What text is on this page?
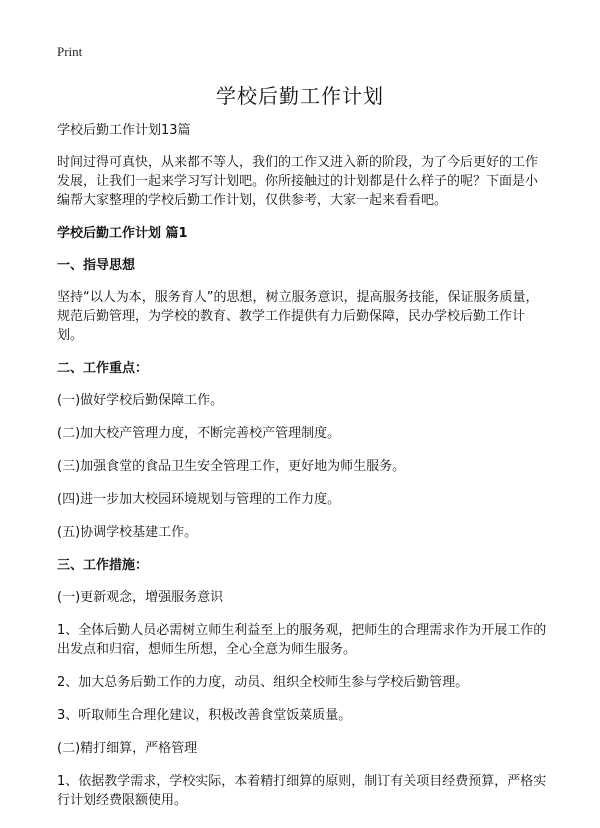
Print
学校后勤工作计划

学校后勤工作计划13篇

时间过得可真快，从来都不等人，我们的工作又进入新的阶段，为了今后更好的工作发展，让我们一起来学习写计划吧。你所接触过的计划都是什么样子的呢？下面是小编帮大家整理的学校后勤工作计划，仅供参考，大家一起来看看吧。

学校后勤工作计划 篇1

一、指导思想

坚持“以人为本，服务育人”的思想，树立服务意识，提高服务技能，保证服务质量，规范后勤管理，为学校的教育、教学工作提供有力后勤保障，民办学校后勤工作计划。

二、工作重点：

(一)做好学校后勤保障工作。

(二)加大校产管理力度，不断完善校产管理制度。

(三)加强食堂的食品卫生安全管理工作，更好地为师生服务。

(四)进一步加大校园环境规划与管理的工作力度。

(五)协调学校基建工作。

三、工作措施：

(一)更新观念，增强服务意识

1、全体后勤人员必需树立师生利益至上的服务观，把师生的合理需求作为开展工作的出发点和归宿，想师生所想，全心全意为师生服务。

2、加大总务后勤工作的力度，动员、组织全校师生参与学校后勤管理。

3、听取师生合理化建议，积极改善食堂饭菜质量。

(二)精打细算，严格管理

1、依据教学需求，学校实际，本着精打细算的原则，制订有关项目经费预算，严格实行计划经费限额使用。
